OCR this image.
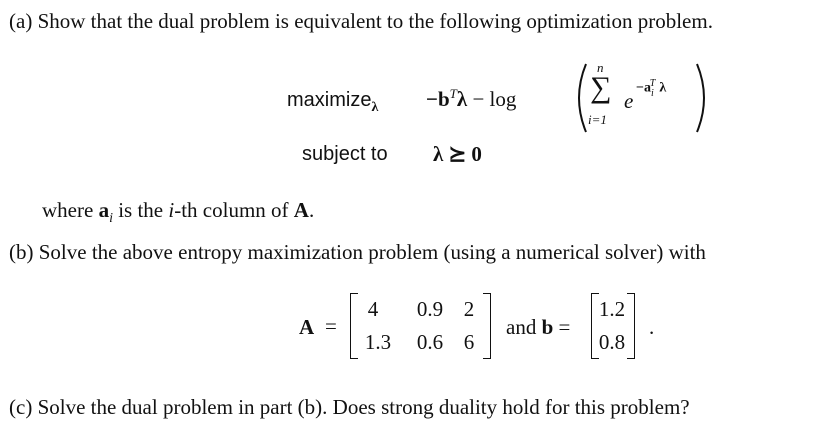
(a) Show that the dual problem is equivalent to the following optimization problem.
maximize$_\lambda$ $-b^T\lambda - \log$
n
∑
i=1
e
$-a_i^T$ λ
subject to λ ⪰ 0
where $a_i$ is the i-th column of A.
(b) Solve the above entropy maximization problem (using a numerical solver) with
A =
4	0.9 2
1.3	0.6 6
and b =
1.2
0.8
.
(c) Solve the dual problem in part (b). Does strong duality hold for this problem?
